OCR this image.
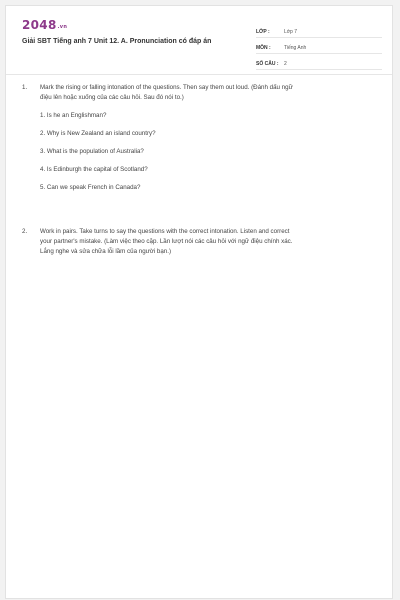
2048.vn
Giải SBT Tiếng anh 7 Unit 12. A. Pronunciation có đáp án
LỚP :	Lớp 7
MÔN :	Tiếng Anh
SỐ CÂU :	2
1. Mark the rising or falling intonation of the questions. Then say them out loud. (Đánh dấu ngữ
điệu lên hoặc xuống của các câu hỏi. Sau đó nói to.)
1. Is he an Englishman?
2. Why is New Zealand an island country?
3. What is the population of Australia?
4. Is Edinburgh the capital of Scotland?
5. Can we speak French in Canada?
2. Work in pairs. Take turns to say the questions with the correct intonation. Listen and correct
your partner's mistake. (Làm việc theo cặp. Lần lượt nói các câu hỏi với ngữ điệu chính xác.
Lắng nghe và sửa chữa lỗi lầm của người bạn.)
